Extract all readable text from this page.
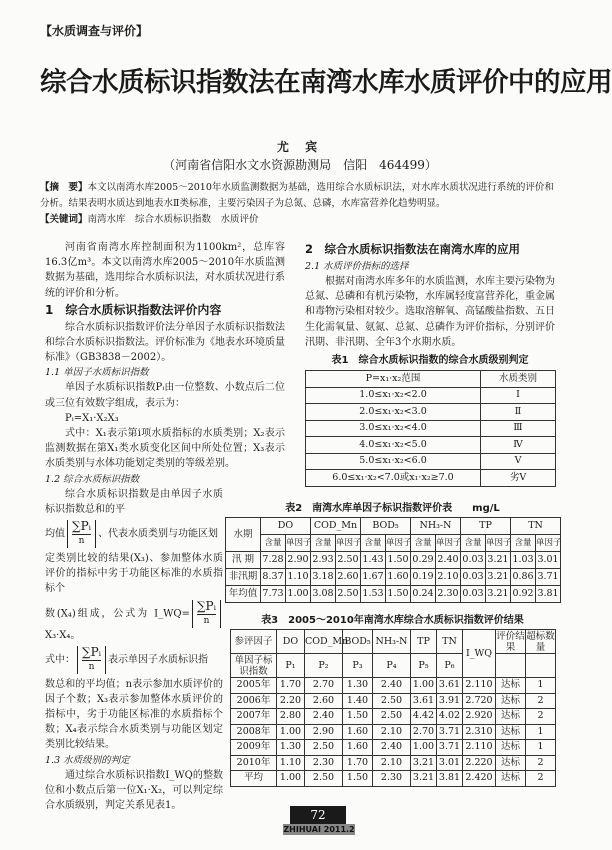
【水质调查与评价】
综合水质标识指数法在南湾水库水质评价中的应用
尤 宾
（河南省信阳水文水资源勘测局　信阳　464499）
【摘　要】本文以南湾水库2005～2010年水质监测数据为基础，选用综合水质标识法，对水库水质状况进行系统的评价和分析。结果表明水质达到地表水Ⅱ类标准，主要污染因子为总氮、总磷，水库富营养化趋势明显。
【关键词】南湾水库　综合水质标识指数　水质评价

河南省南湾水库控制面积为1100km²，总库容16.3亿m³。本文以南湾水库2005～2010年水质监测数据为基础，选用综合水质标识法，对水质状况进行系统的评价和分析。

1　综合水质标识指数法评价内容

综合水质标识指数评价法分单因子水质标识指数法和综合水质标识指数法。评价标准为《地表水环境质量标准》（GB3838－2002）。

1.1 单因子水质标识指数

单因子水质标识指数Pᵢ由一位整数、小数点后二位或三位有效数字组成，表示为：

Pᵢ=X₁·X₂X₃

式中：X₁表示第i项水质指标的水质类别；X₂表示监测数据在第X₁类水质变化区间中所处位置；X₃表示水质类别与水体功能划定类别的等级差别。

1.2 综合水质标识指数

综合水质标识指数是由单因子水质标识指数总和的平

均值 $\frac{\text{∑Pᵢ}}{n}$ 、代表水质类别与功能区划

定类别比较的结果(X₃)、参加整体水质评价的指标中劣于功能区标准的水质指标个

数(X₄)组成，公式为 I_WQ= $\frac{\text{∑Pᵢ}}{n}$
X₃·X₄。
式中： $\frac{\text{∑Pᵢ}}{n}$ 表示单因子水质标识指

数总和的平均值；n表示参加水质评价的因子个数；X₃表示参加整体水质评价的指标中，劣于功能区标准的水质指标个数；X₄表示综合水质类别与功能区划定类别比较结果。

1.3 水质级别的判定

通过综合水质标识指数I_WQ的整数位和小数点后第一位X₁·X₂，可以判定综合水质级别，判定关系见表1。

2　综合水质标识指数法在南湾水库的应用
2.1 水质评价指标的选择

根据对南湾水库多年的水质监测，水库主要污染物为总氮、总磷和有机污染物，水库属轻度富营养化，重金属和毒物污染相对较少。选取溶解氧、高锰酸盐指数、五日生化需氧量、氨氮、总氮、总磷作为评价指标，分别评价汛期、非汛期、全年3个水期水质。

表1　综合水质标识指数的综合水质级别判定
P=x₁·x₂范围	水质类别
1.0≤x₁·x₂<2.0	Ⅰ
2.0≤x₁·x₂<3.0	Ⅱ
3.0≤x₁·x₂<4.0	Ⅲ
4.0≤x₁·x₂<5.0	Ⅳ
5.0≤x₁·x₂<6.0	Ⅴ
6.0≤x₁·x₂<7.0或x₁·x₂≥7.0	劣Ⅴ
表2　南湾水库单因子标识指数评价表　　mg/L
水期	DO		COD_Mn		BOD₅		NH₃-N		TP		TN	
	含量	单因子	含量	单因子	含量	单因子	含量	单因子	含量	单因子	含量	单因子
汛 期	7.28	2.90	2.93	2.50	1.43	1.50	0.29	2.40	0.03	3.21	1.03	3.01
非汛期	8.37	1.10	3.18	2.60	1.67	1.60	0.19	2.10	0.03	3.21	0.86	3.71
年均值	7.73	1.00	3.08	2.50	1.53	1.50	0.24	2.30	0.03	3.21	0.92	3.81
表3　2005～2010年南湾水库综合水质标识指数评价结果
参评因子	DO	COD_Mn	BOD₅	NH₃-N	TP	TN	I_WQ	评价结果	超标数量
单因子标识指数	P₁	P₂	P₃	P₄	P₅	P₆			
2005年	1.70	2.70	1.30	2.40	1.00	3.61	2.110	达标	1
2006年	2.20	2.60	1.40	2.50	3.61	3.91	2.720	达标	2
2007年	2.80	2.40	1.50	2.50	4.42	4.02	2.920	达标	2
2008年	1.00	2.90	1.60	2.10	2.70	3.71	2.310	达标	1
2009年	1.30	2.50	1.60	2.40	1.00	3.71	2.110	达标	1
2010年	1.10	2.30	1.70	2.10	3.21	3.01	2.220	达标	2
平均	1.00	2.50	1.50	2.30	3.21	3.81	2.420	达标	2
72
ZHIHUAI 2011.2
